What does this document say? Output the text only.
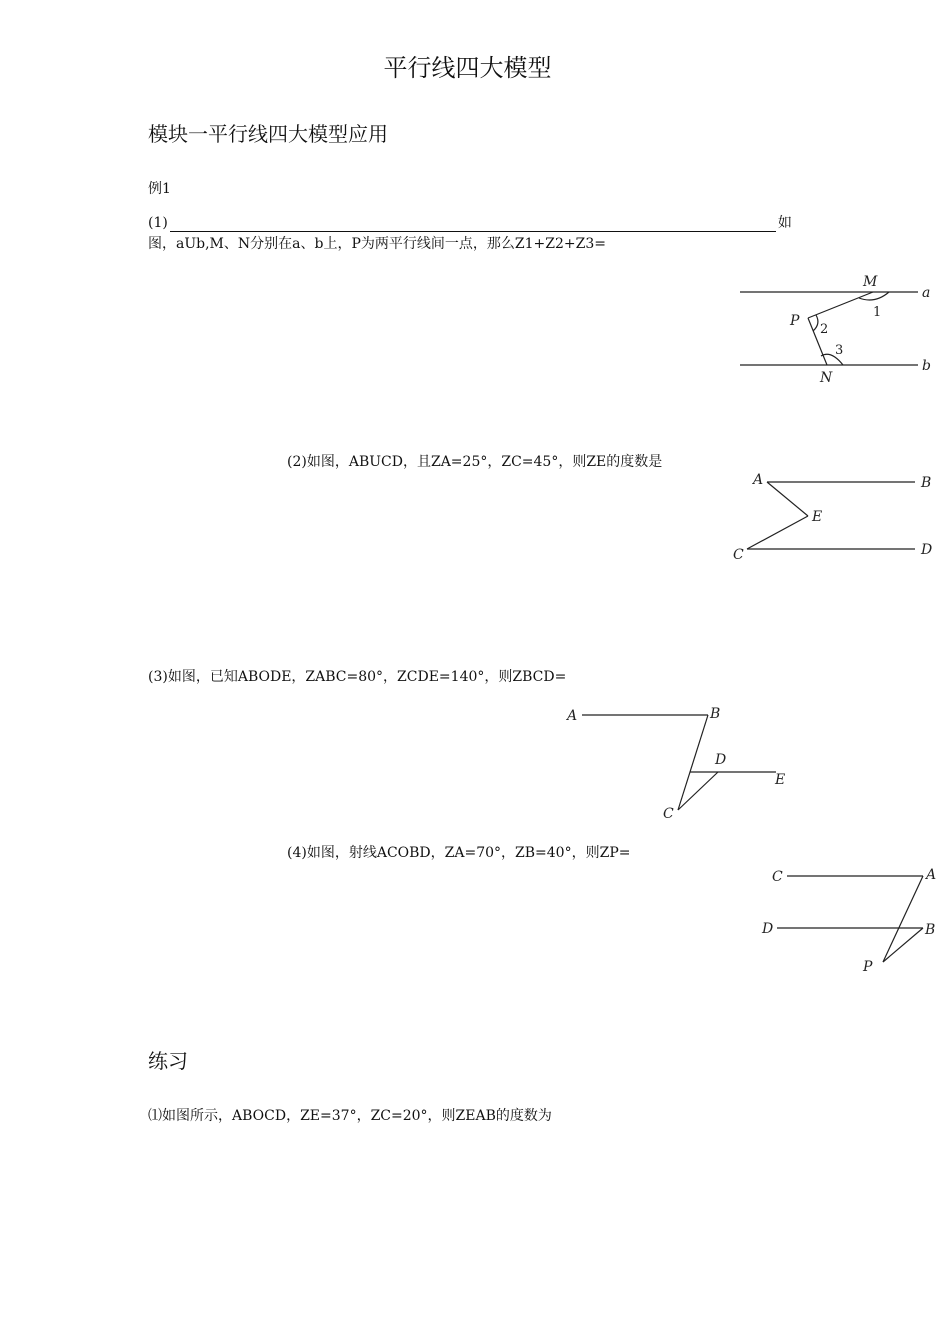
平行线四大模型
模块一平行线四大模型应用
例1
(1)	如
图，aUb,M、N分别在a、b上，P为两平行线间一点，那么Z1+Z2+Z3=
M
a
1
P
2
3
b
N
(2)如图，ABUCD，且ZA=25°，ZC=45°，则ZE的度数是
A	B
E
C	D
(3)如图，已知ABODE，ZABC=80°，ZCDE=140°，则ZBCD=
A	B
D
E
C
(4)如图，射线ACOBD，ZA=70°，ZB=40°，则ZP=
C	A
D	B
P
练习
⑴如图所示，ABOCD，ZE=37°，ZC=20°，则ZEAB的度数为
